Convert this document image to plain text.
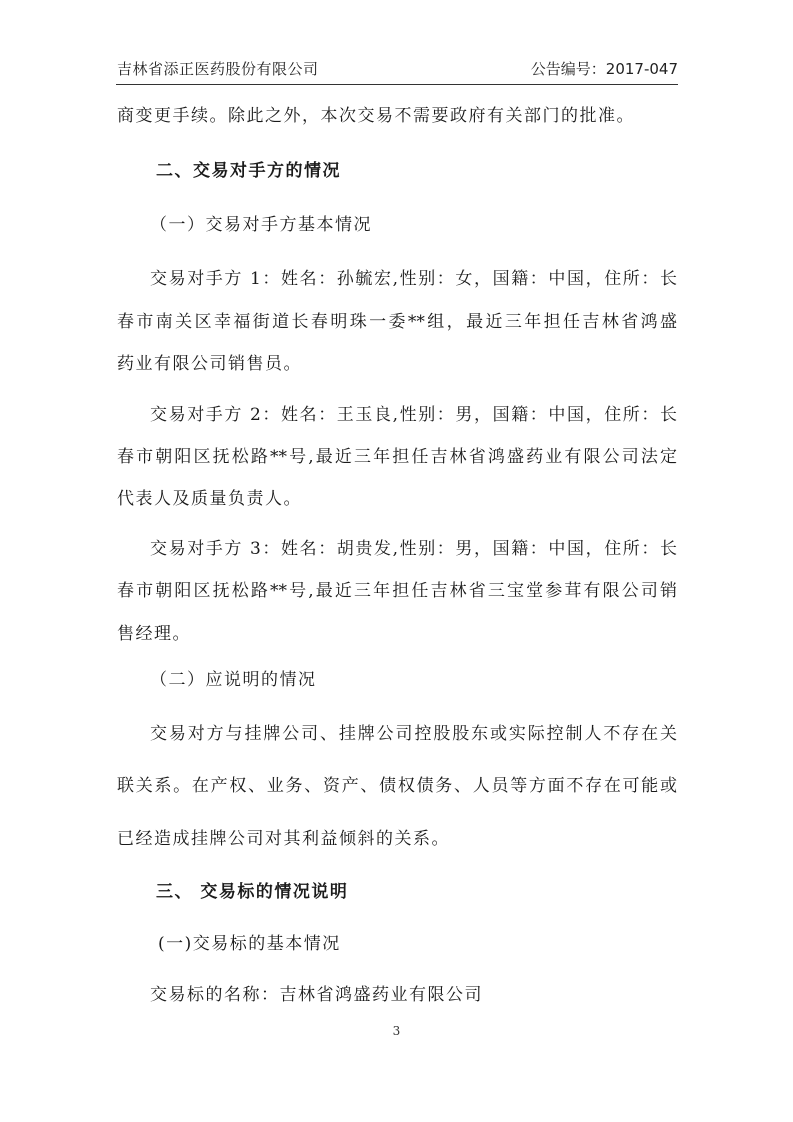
吉林省添正医药股份有限公司	公告编号：2017-047
商变更手续。除此之外，本次交易不需要政府有关部门的批准。
二、交易对手方的情况
（一）交易对手方基本情况
交易对手方 1：姓名：孙毓宏,性别：女，国籍：中国，住所：长
春市南关区幸福街道长春明珠一委**组，最近三年担任吉林省鸿盛
药业有限公司销售员。
交易对手方 2：姓名：王玉良,性别：男，国籍：中国，住所：长
春市朝阳区抚松路**号,最近三年担任吉林省鸿盛药业有限公司法定
代表人及质量负责人。
交易对手方 3：姓名：胡贵发,性别：男，国籍：中国，住所：长
春市朝阳区抚松路**号,最近三年担任吉林省三宝堂参茸有限公司销
售经理。
（二）应说明的情况
交易对方与挂牌公司、挂牌公司控股股东或实际控制人不存在关
联关系。在产权、业务、资产、债权债务、人员等方面不存在可能或
已经造成挂牌公司对其利益倾斜的关系。
三、 交易标的情况说明
(一)交易标的基本情况
交易标的名称：吉林省鸿盛药业有限公司
3
